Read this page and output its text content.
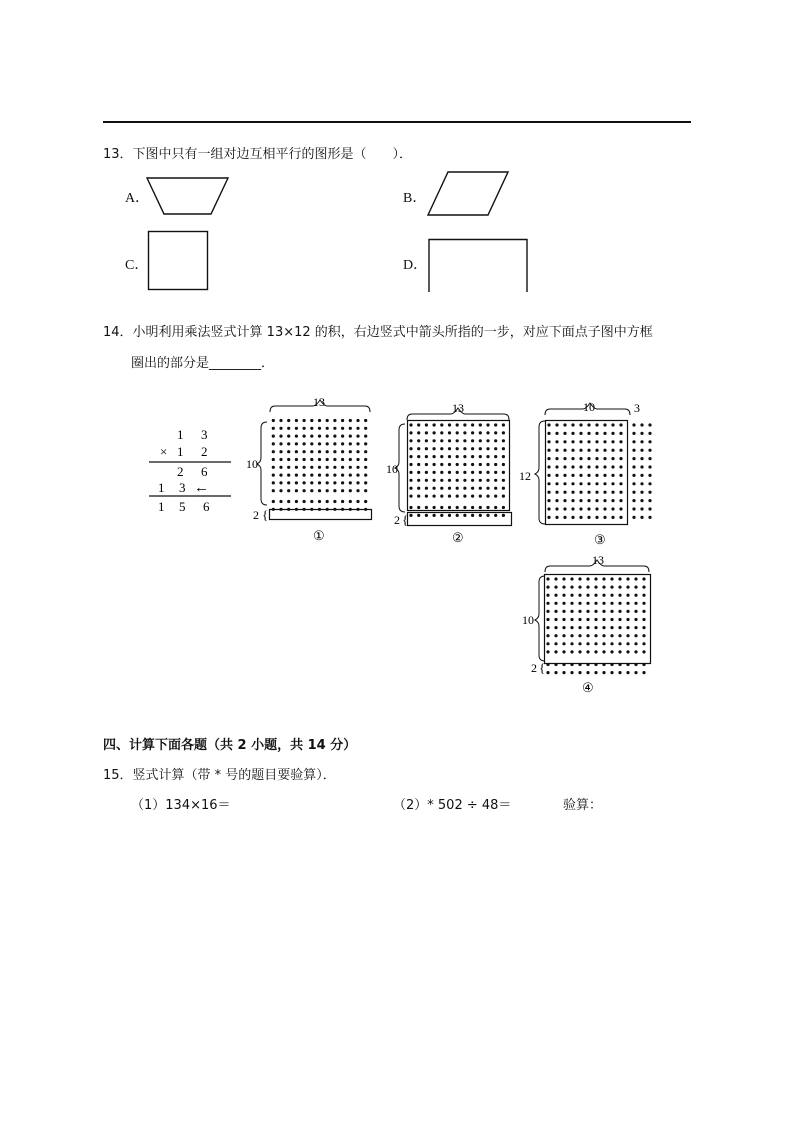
13．下图中只有一组对边互相平行的图形是（　　）．
A．	B．
C．	D．
14．小明利用乘法竖式计算 13×12 的积，右边竖式中箭头所指的一步，对应下面点子图中方框
圈出的部分是________．
1 3
× 1 2
2 6
1 3 ←
1 5 6
13
10
2 {
①
13
10
2 {
②
10	3
12
③
13
10
2 {
④
四、计算下面各题（共 2 小题，共 14 分）
15．竖式计算（带 * 号的题目要验算）．
（1）134×16＝	（2）* 502 ÷ 48＝	验算：
